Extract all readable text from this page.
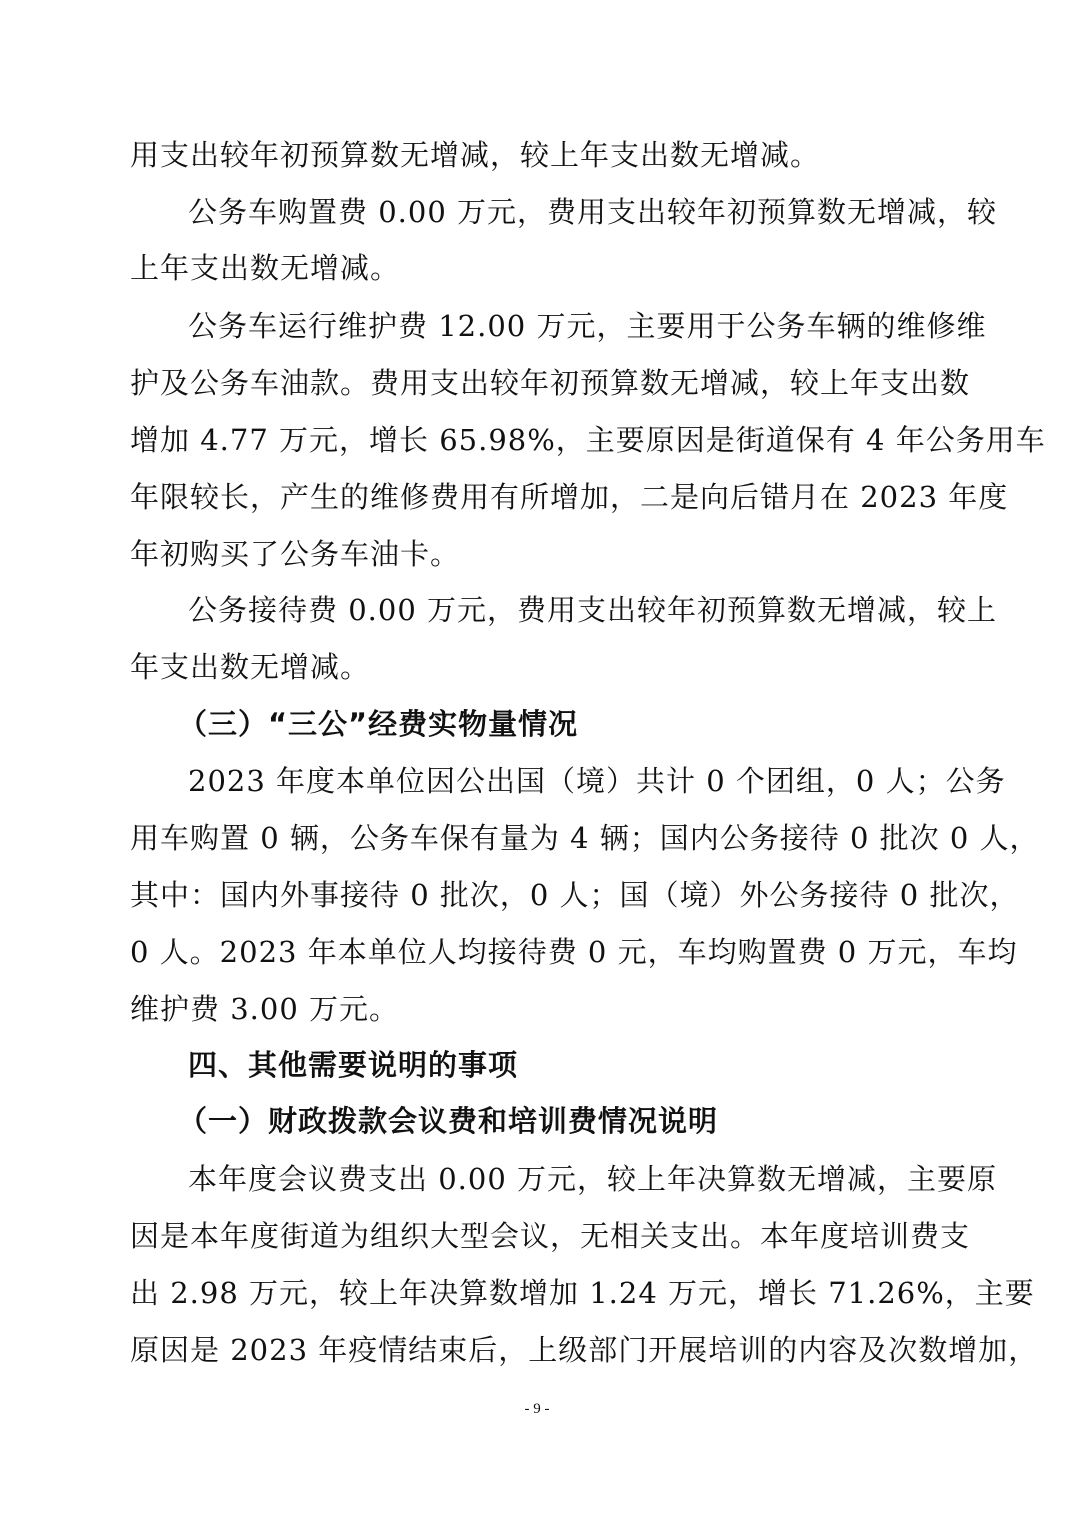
用支出较年初预算数无增减，较上年支出数无增减。
公务车购置费 0.00 万元，费用支出较年初预算数无增减，较
上年支出数无增减。
公务车运行维护费 12.00 万元，主要用于公务车辆的维修维
护及公务车油款。费用支出较年初预算数无增减，较上年支出数
增加 4.77 万元，增长 65.98%，主要原因是街道保有 4 年公务用车
年限较长，产生的维修费用有所增加，二是向后错月在 2023 年度
年初购买了公务车油卡。
公务接待费 0.00 万元，费用支出较年初预算数无增减，较上
年支出数无增减。
（三）“三公”经费实物量情况
2023 年度本单位因公出国（境）共计 0 个团组，0 人；公务
用车购置 0 辆，公务车保有量为 4 辆；国内公务接待 0 批次 0 人，
其中：国内外事接待 0 批次，0 人；国（境）外公务接待 0 批次，
0 人。2023 年本单位人均接待费 0 元，车均购置费 0 万元，车均
维护费 3.00 万元。
四、其他需要说明的事项
（一）财政拨款会议费和培训费情况说明
本年度会议费支出 0.00 万元，较上年决算数无增减，主要原
因是本年度街道为组织大型会议，无相关支出。本年度培训费支
出 2.98 万元，较上年决算数增加 1.24 万元，增长 71.26%，主要
原因是 2023 年疫情结束后，上级部门开展培训的内容及次数增加，
- 9 -
